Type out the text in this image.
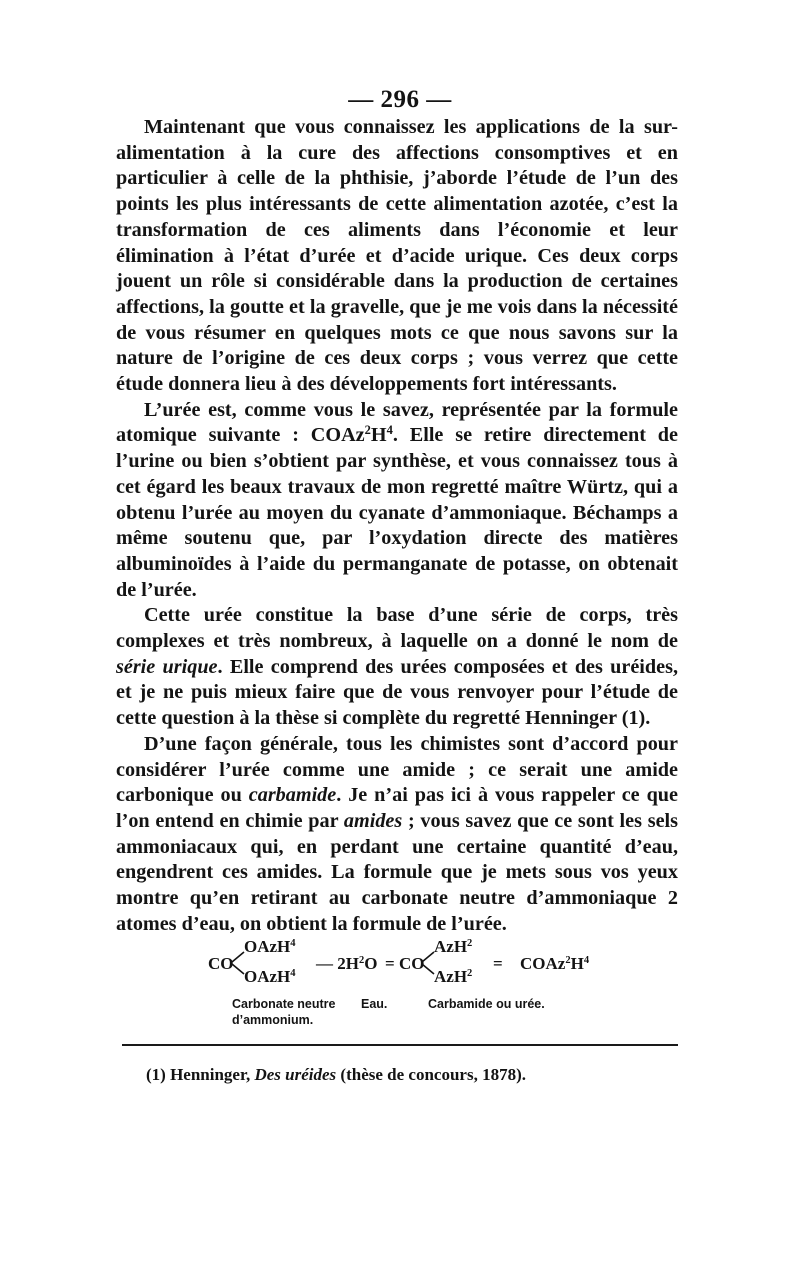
— 296 —

Maintenant que vous connaissez les applications de la sur-alimentation à la cure des affections consomptives et en particulier à celle de la phthisie, j’aborde l’étude de l’un des points les plus intéressants de cette alimentation azotée, c’est la transformation de ces aliments dans l’économie et leur élimination à l’état d’urée et d’acide urique. Ces deux corps jouent un rôle si considérable dans la production de certaines affections, la goutte et la gravelle, que je me vois dans la nécessité de vous résumer en quelques mots ce que nous savons sur la nature de l’origine de ces deux corps ; vous verrez que cette étude donnera lieu à des développements fort intéressants.

L’urée est, comme vous le savez, représentée par la formule atomique suivante : $COAz^2H^4$. Elle se retire directement de l’urine ou bien s’obtient par synthèse, et vous connaissez tous à cet égard les beaux travaux de mon regretté maître Würtz, qui a obtenu l’urée au moyen du cyanate d’ammoniaque. Béchamps a même soutenu que, par l’oxydation directe des matières albuminoïdes à l’aide du permanganate de potasse, on obtenait de l’urée.

Cette urée constitue la base d’une série de corps, très complexes et très nombreux, à laquelle on a donné le nom de série urique. Elle comprend des urées composées et des uréides, et je ne puis mieux faire que de vous renvoyer pour l’étude de cette question à la thèse si complète du regretté Henninger (1).

D’une façon générale, tous les chimistes sont d’accord pour considérer l’urée comme une amide ; ce serait une amide carbonique ou carbamide. Je n’ai pas ici à vous rappeler ce que l’on entend en chimie par amides ; vous savez que ce sont les sels ammoniacaux qui, en perdant une certaine quantité d’eau, engendrent ces amides. La formule que je mets sous vos yeux montre qu’en retirant au carbonate neutre d’ammoniaque 2 atomes d’eau, on obtient la formule de l’urée.

CO
OAzH$^4$
OAzH$^4$
— $2H^2O$ = CO
AzH$^2$
AzH$^2$
= $COAz^2H^4$
Carbonate neutre
d’ammonium.
Eau.	Carbamide ou urée.
(1) Henninger, Des uréides (thèse de concours, 1878).
